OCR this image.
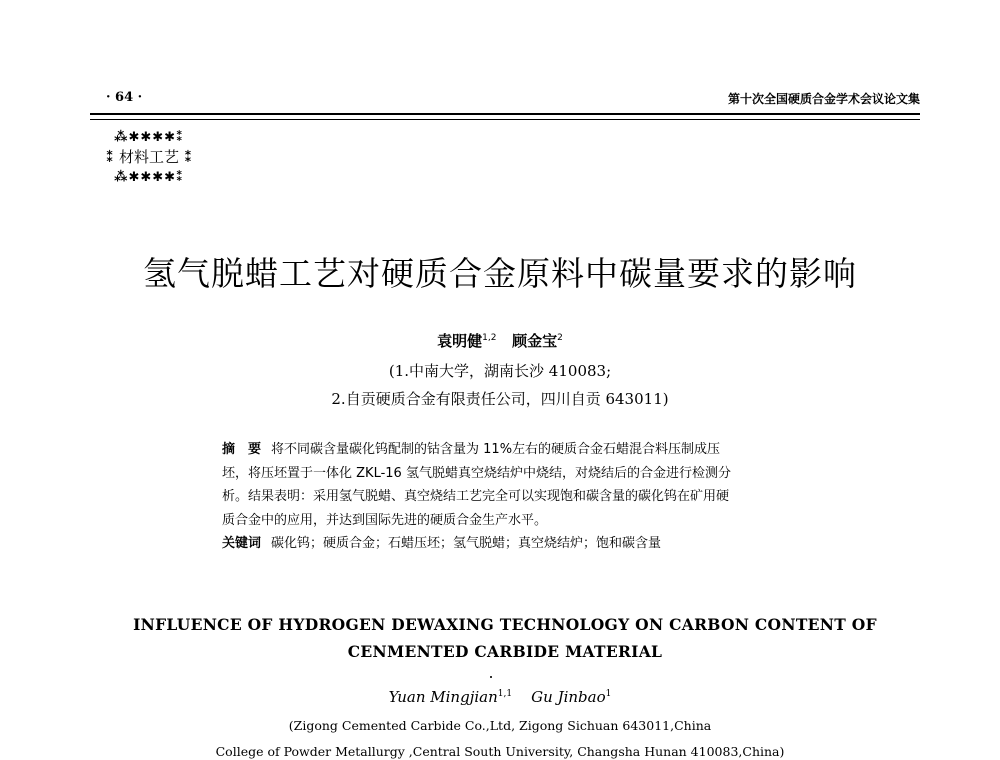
· 64 ·	第十次全国硬质合金学术会议论文集
⁂✱✱✱✱⁑
⁑ 材料工艺 ⁑
⁂✱✱✱✱⁑
氢气脱蜡工艺对硬质合金原料中碳量要求的影响
袁明健$^{1,2}$ 顾金宝$^2$
(1.中南大学，湖南长沙 410083;
2.自贡硬质合金有限责任公司，四川自贡 643011)

摘　要 将不同碳含量碳化钨配制的钴含量为 11%左右的硬质合金石蜡混合料压制成压

坯，将压坯置于一体化 ZKL-16 氢气脱蜡真空烧结炉中烧结，对烧结后的合金进行检测分

析。结果表明：采用氢气脱蜡、真空烧结工艺完全可以实现饱和碳含量的碳化钨在矿用硬

质合金中的应用，并达到国际先进的硬质合金生产水平。

关键词 碳化钨；硬质合金；石蜡压坯；氢气脱蜡；真空烧结炉；饱和碳含量

INFLUENCE OF HYDROGEN DEWAXING TECHNOLOGY ON CARBON CONTENT OF
CENMENTED CARBIDE MATERIAL
Yuan Mingjian$^{1,1}$ Gu Jinbao$^1$
(Zigong Cemented Carbide Co.,Ltd, Zigong Sichuan 643011,China
College of Powder Metallurgy ,Central South University, Changsha Hunan 410083,China)
